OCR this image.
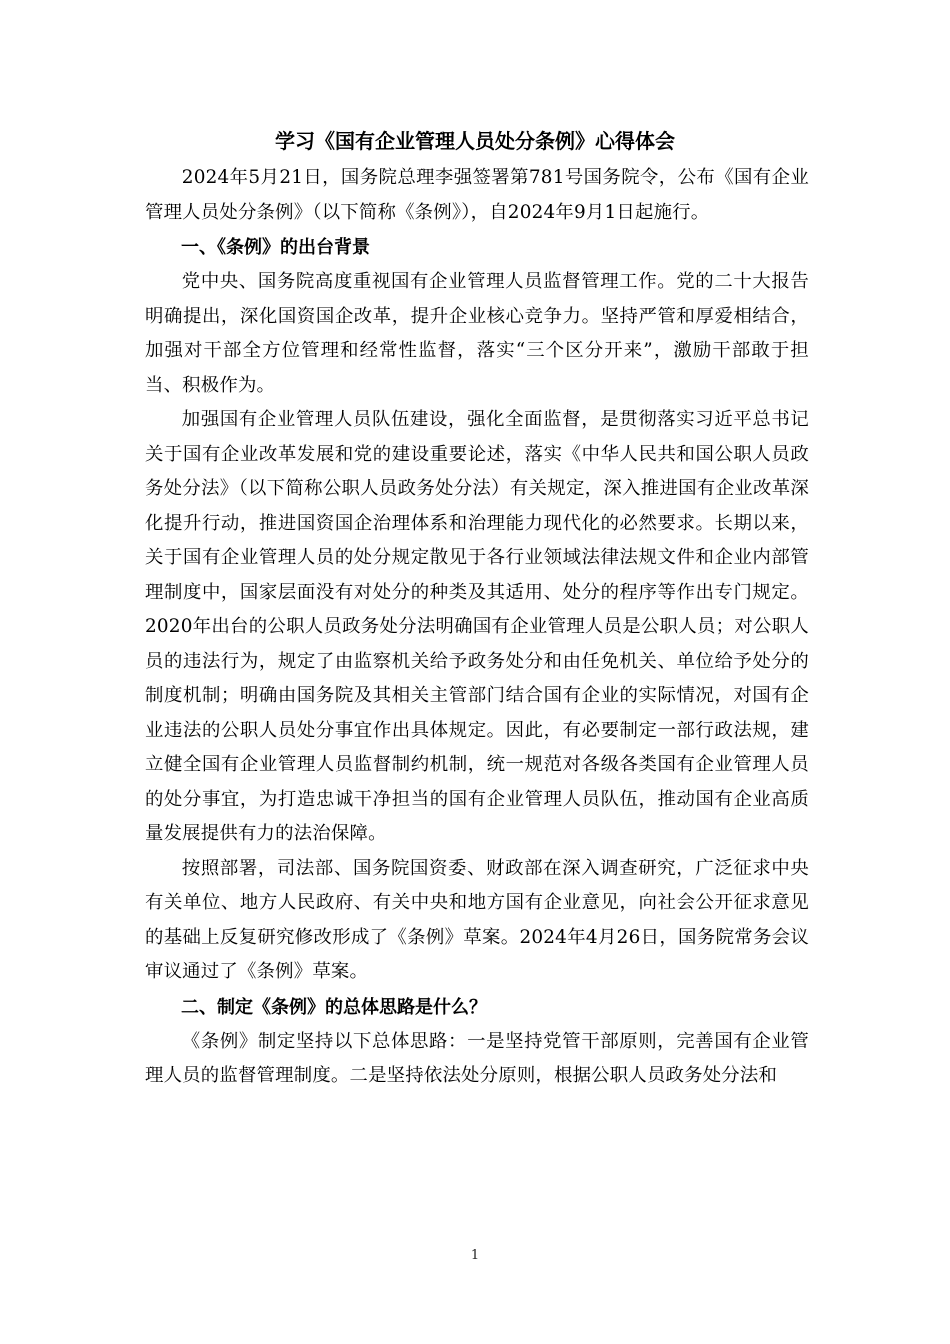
学习《国有企业管理人员处分条例》心得体会

2024年5月21日，国务院总理李强签署第781号国务院令，公布《国有企业管理人员处分条例》（以下简称《条例》），自2024年9月1日起施行。

一、《条例》的出台背景

党中央、国务院高度重视国有企业管理人员监督管理工作。党的二十大报告明确提出，深化国资国企改革，提升企业核心竞争力。坚持严管和厚爱相结合，加强对干部全方位管理和经常性监督，落实“三个区分开来”，激励干部敢于担当、积极作为。

加强国有企业管理人员队伍建设，强化全面监督，是贯彻落实习近平总书记关于国有企业改革发展和党的建设重要论述，落实《中华人民共和国公职人员政务处分法》（以下简称公职人员政务处分法）有关规定，深入推进国有企业改革深化提升行动，推进国资国企治理体系和治理能力现代化的必然要求。长期以来，关于国有企业管理人员的处分规定散见于各行业领域法律法规文件和企业内部管理制度中，国家层面没有对处分的种类及其适用、处分的程序等作出专门规定。2020年出台的公职人员政务处分法明确国有企业管理人员是公职人员；对公职人员的违法行为，规定了由监察机关给予政务处分和由任免机关、单位给予处分的制度机制；明确由国务院及其相关主管部门结合国有企业的实际情况，对国有企业违法的公职人员处分事宜作出具体规定。因此，有必要制定一部行政法规，建立健全国有企业管理人员监督制约机制，统一规范对各级各类国有企业管理人员的处分事宜，为打造忠诚干净担当的国有企业管理人员队伍，推动国有企业高质量发展提供有力的法治保障。

按照部署，司法部、国务院国资委、财政部在深入调查研究，广泛征求中央有关单位、地方人民政府、有关中央和地方国有企业意见，向社会公开征求意见的基础上反复研究修改形成了《条例》草案。2024年4月26日，国务院常务会议审议通过了《条例》草案。

二、制定《条例》的总体思路是什么？

《条例》制定坚持以下总体思路：一是坚持党管干部原则，完善国有企业管理人员的监督管理制度。二是坚持依法处分原则，根据公职人员政务处分法和

1
